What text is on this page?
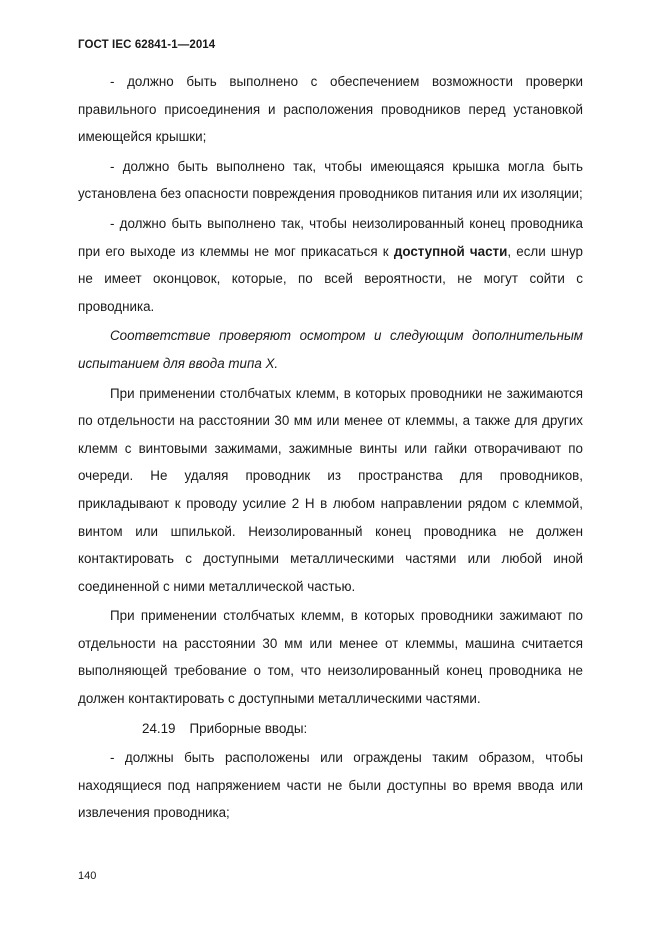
ГОСТ IEC 62841-1—2014

- должно быть выполнено с обеспечением возможности проверки правильного присоединения и расположения проводников перед установкой имеющейся крышки;

- должно быть выполнено так, чтобы имеющаяся крышка могла быть установлена без опасности повреждения проводников питания или их изоляции;

- должно быть выполнено так, чтобы неизолированный конец проводника при его выходе из клеммы не мог прикасаться к доступной части, если шнур не имеет оконцовок, которые, по всей вероятности, не могут сойти с проводника.

Соответствие проверяют осмотром и следующим дополнительным испытанием для ввода типа X.

При применении столбчатых клемм, в которых проводники не зажимаются по отдельности на расстоянии 30 мм или менее от клеммы, а также для других клемм с винтовыми зажимами, зажимные винты или гайки отворачивают по очереди. Не удаляя проводник из пространства для проводников, прикладывают к проводу усилие 2 Н в любом направлении рядом с клеммой, винтом или шпилькой. Неизолированный конец проводника не должен контактировать с доступными металлическими частями или любой иной соединенной с ними металлической частью.

При применении столбчатых клемм, в которых проводники зажимают по отдельности на расстоянии 30 мм или менее от клеммы, машина считается выполняющей требование о том, что неизолированный конец проводника не должен контактировать с доступными металлическими частями.

24.19 Приборные вводы:

- должны быть расположены или ограждены таким образом, чтобы находящиеся под напряжением части не были доступны во время ввода или извлечения проводника;

140
